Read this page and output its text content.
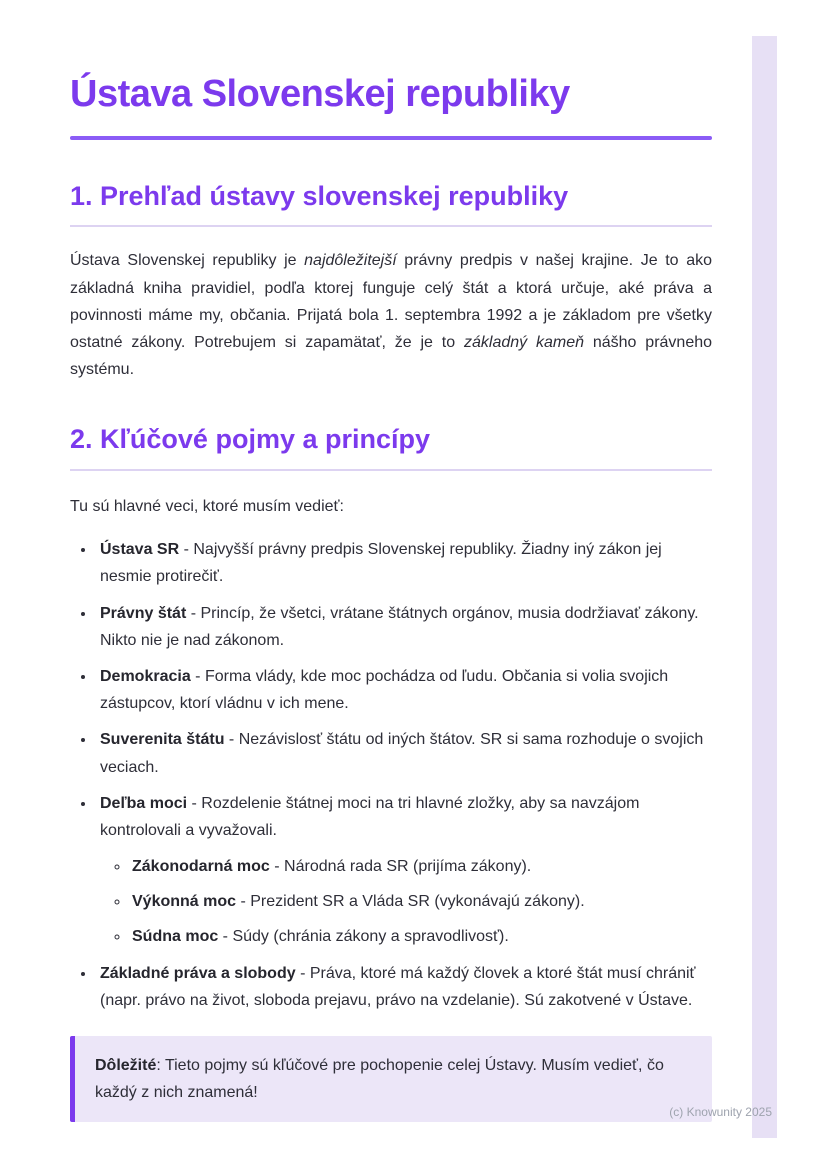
Ústava Slovenskej republiky
1. Prehľad ústavy slovenskej republiky

Ústava Slovenskej republiky je najdôležitejší právny predpis v našej krajine. Je to ako základná kniha pravidiel, podľa ktorej funguje celý štát a ktorá určuje, aké práva a povinnosti máme my, občania. Prijatá bola 1. septembra 1992 a je základom pre všetky ostatné zákony. Potrebujem si zapamätať, že je to základný kameň nášho právneho systému.

2. Kľúčové pojmy a princípy

Tu sú hlavné veci, ktoré musím vedieť:

• Ústava SR - Najvyšší právny predpis Slovenskej republiky. Žiadny iný zákon jej nesmie protirečiť.
• Právny štát - Princíp, že všetci, vrátane štátnych orgánov, musia dodržiavať zákony. Nikto nie je nad zákonom.
• Demokracia - Forma vlády, kde moc pochádza od ľudu. Občania si volia svojich zástupcov, ktorí vládnu v ich mene.
• Suverenita štátu - Nezávislosť štátu od iných štátov. SR si sama rozhoduje o svojich veciach.
• Deľba moci - Rozdelenie štátnej moci na tri hlavné zložky, aby sa navzájom kontrolovali a vyvažovali.
◦ Zákonodarná moc - Národná rada SR (prijíma zákony).
◦ Výkonná moc - Prezident SR a Vláda SR (vykonávajú zákony).
◦ Súdna moc - Súdy (chránia zákony a spravodlivosť).
• Základné práva a slobody - Práva, ktoré má každý človek a ktoré štát musí chrániť (napr. právo na život, sloboda prejavu, právo na vzdelanie). Sú zakotvené v Ústave.
Dôležité: Tieto pojmy sú kľúčové pre pochopenie celej Ústavy. Musím vedieť, čo každý z nich znamená!
(c) Knowunity 2025
